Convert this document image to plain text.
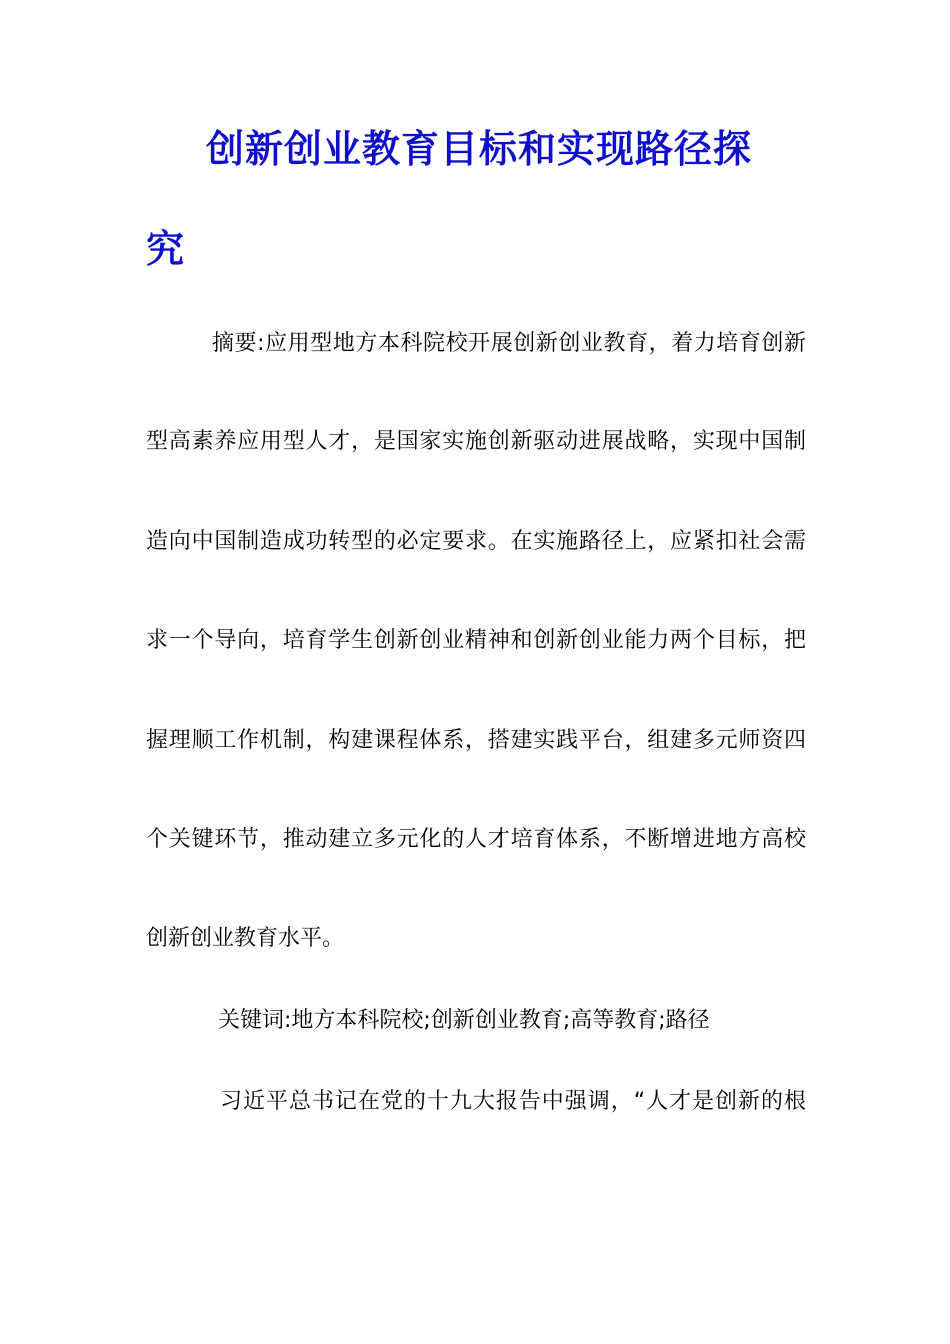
创新创业教育目标和实现路径探
究

摘要:应用型地方本科院校开展创新创业教育，着力培育创新

型高素养应用型人才，是国家实施创新驱动进展战略，实现中国制

造向中国制造成功转型的必定要求。在实施路径上，应紧扣社会需

求一个导向，培育学生创新创业精神和创新创业能力两个目标，把

握理顺工作机制，构建课程体系，搭建实践平台，组建多元师资四

个关键环节，推动建立多元化的人才培育体系，不断增进地方高校

创新创业教育水平。

关键词:地方本科院校;创新创业教育;高等教育;路径

习近平总书记在党的十九大报告中强调，“人才是创新的根
